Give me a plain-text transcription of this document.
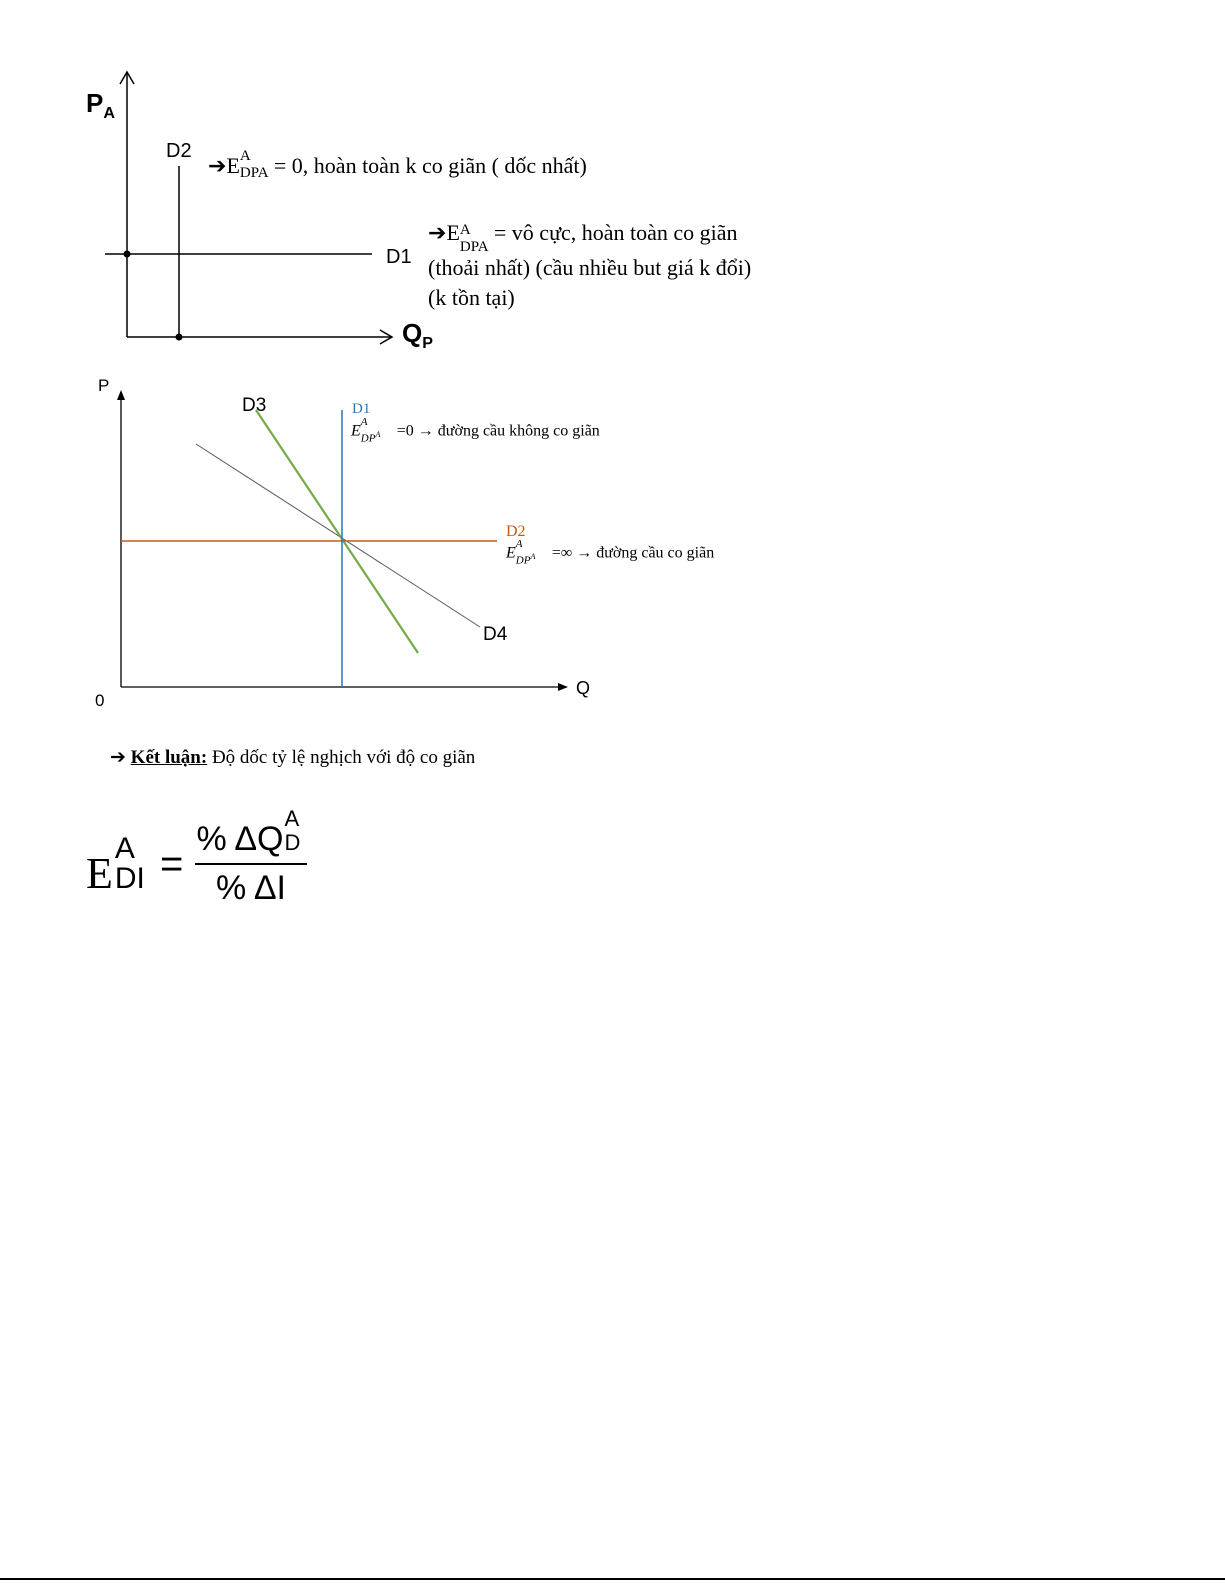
$P_A$
$Q_P$
D2
D1
➔E A
DPA = 0, hoàn toàn k co giãn ( dốc nhất)
➔E A
DPA
= vô cực, hoàn toàn co giãn
(thoải nhất) (cầu nhiều but giá k đổi)
(k tồn tại)
P
Q
0
D3
D4
D1
D2
E
A
$DP^A =0$ → đường cầu không co giãn
E
A
$DP^A$ =∞ → đường cầu co giãn
➔ Kết luận: Độ dốc tỷ lệ nghịch với độ co giãn
E
A
DI =
% ΔQ
A
D
% ΔI
